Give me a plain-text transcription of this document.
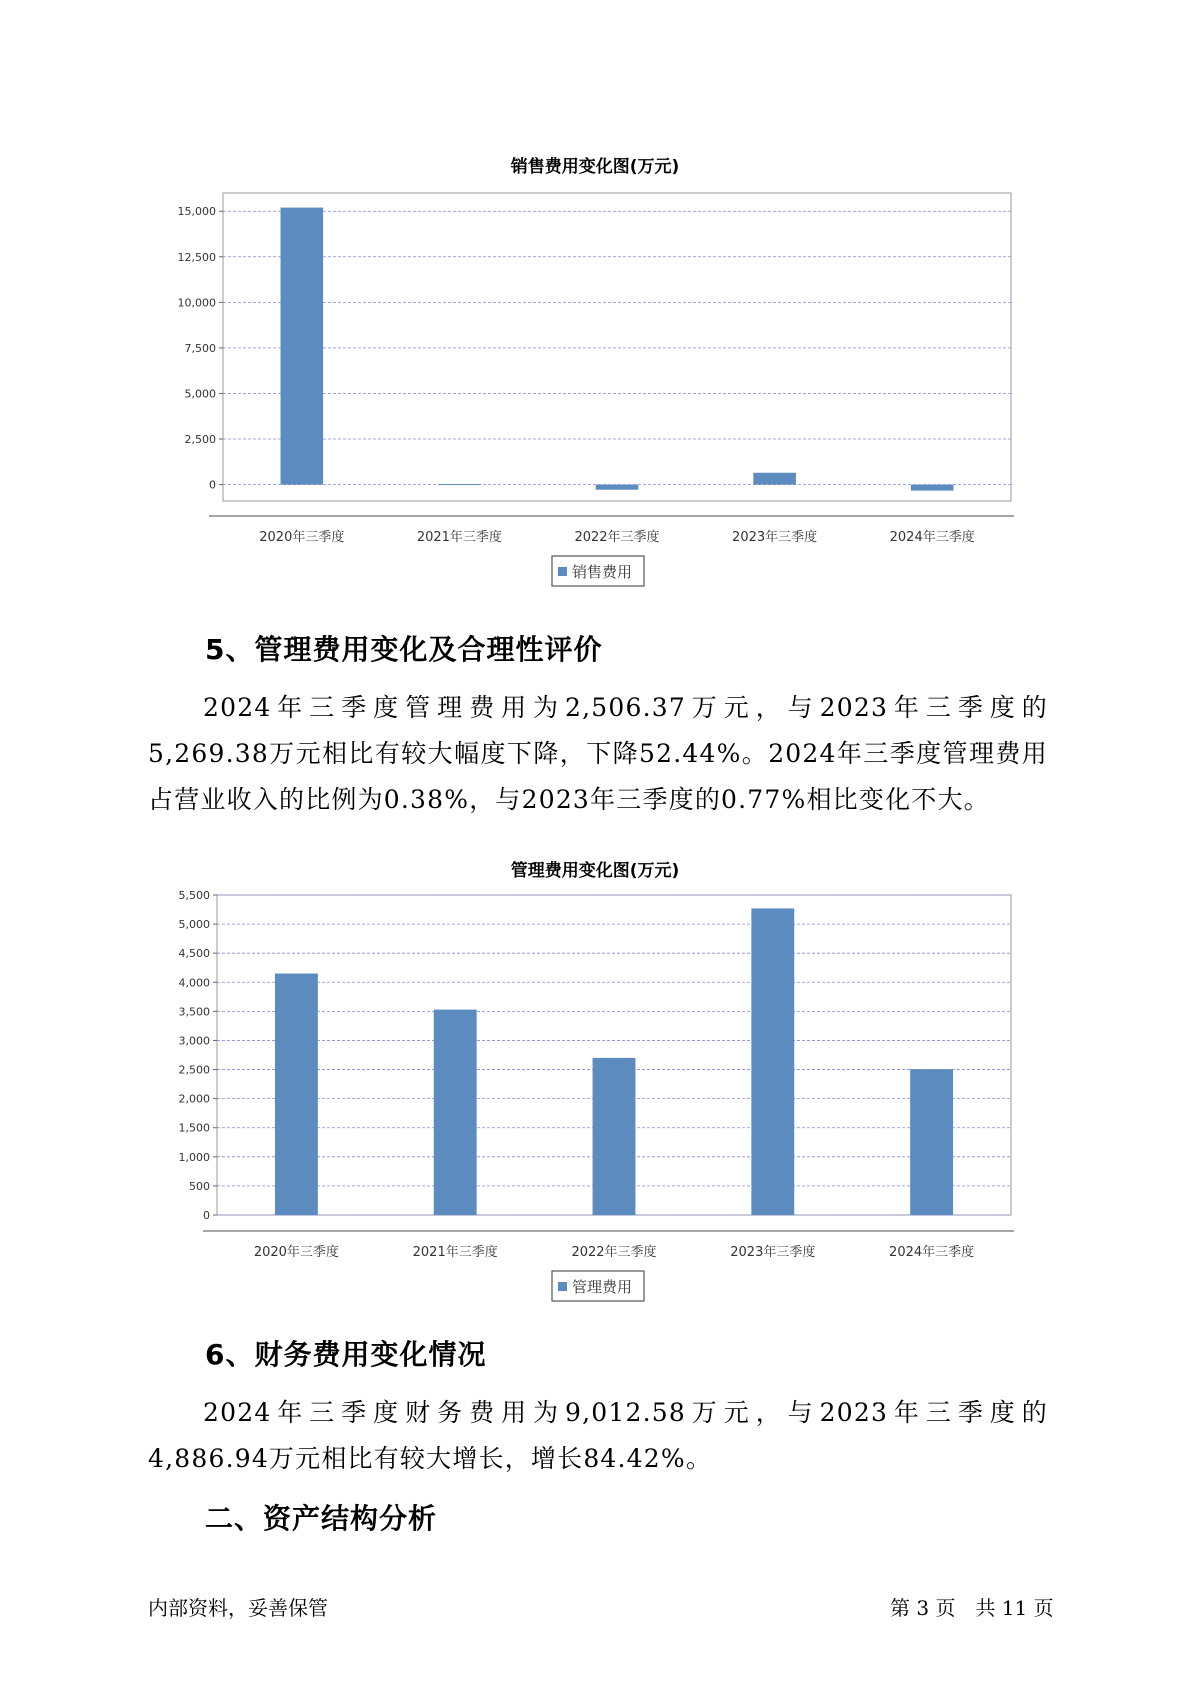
销售费用变化图(万元)
15,000
12,500
10,000
7,500
5,000
2,500
0
2020年三季度	2021年三季度	2022年三季度	2023年三季度	2024年三季度
销售费用
5、管理费用变化及合理性评价

2024年三季度管理费用为2,506.37万元，与2023年三季度的5,269.38万元相比有较大幅度下降，下降52.44%。2024年三季度管理费用占营业收入的比例为0.38%，与2023年三季度的0.77%相比变化不大。

管理费用变化图(万元)
5,500
5,000
4,500
4,000
3,500
3,000
2,500
2,000
1,500
1,000
500
0
2020年三季度	2021年三季度	2022年三季度	2023年三季度	2024年三季度
管理费用
6、财务费用变化情况

2024年三季度财务费用为9,012.58万元，与2023年三季度的4,886.94万元相比有较大增长，增长84.42%。

二、资产结构分析
内部资料，妥善保管	第 3 页　共 11 页
